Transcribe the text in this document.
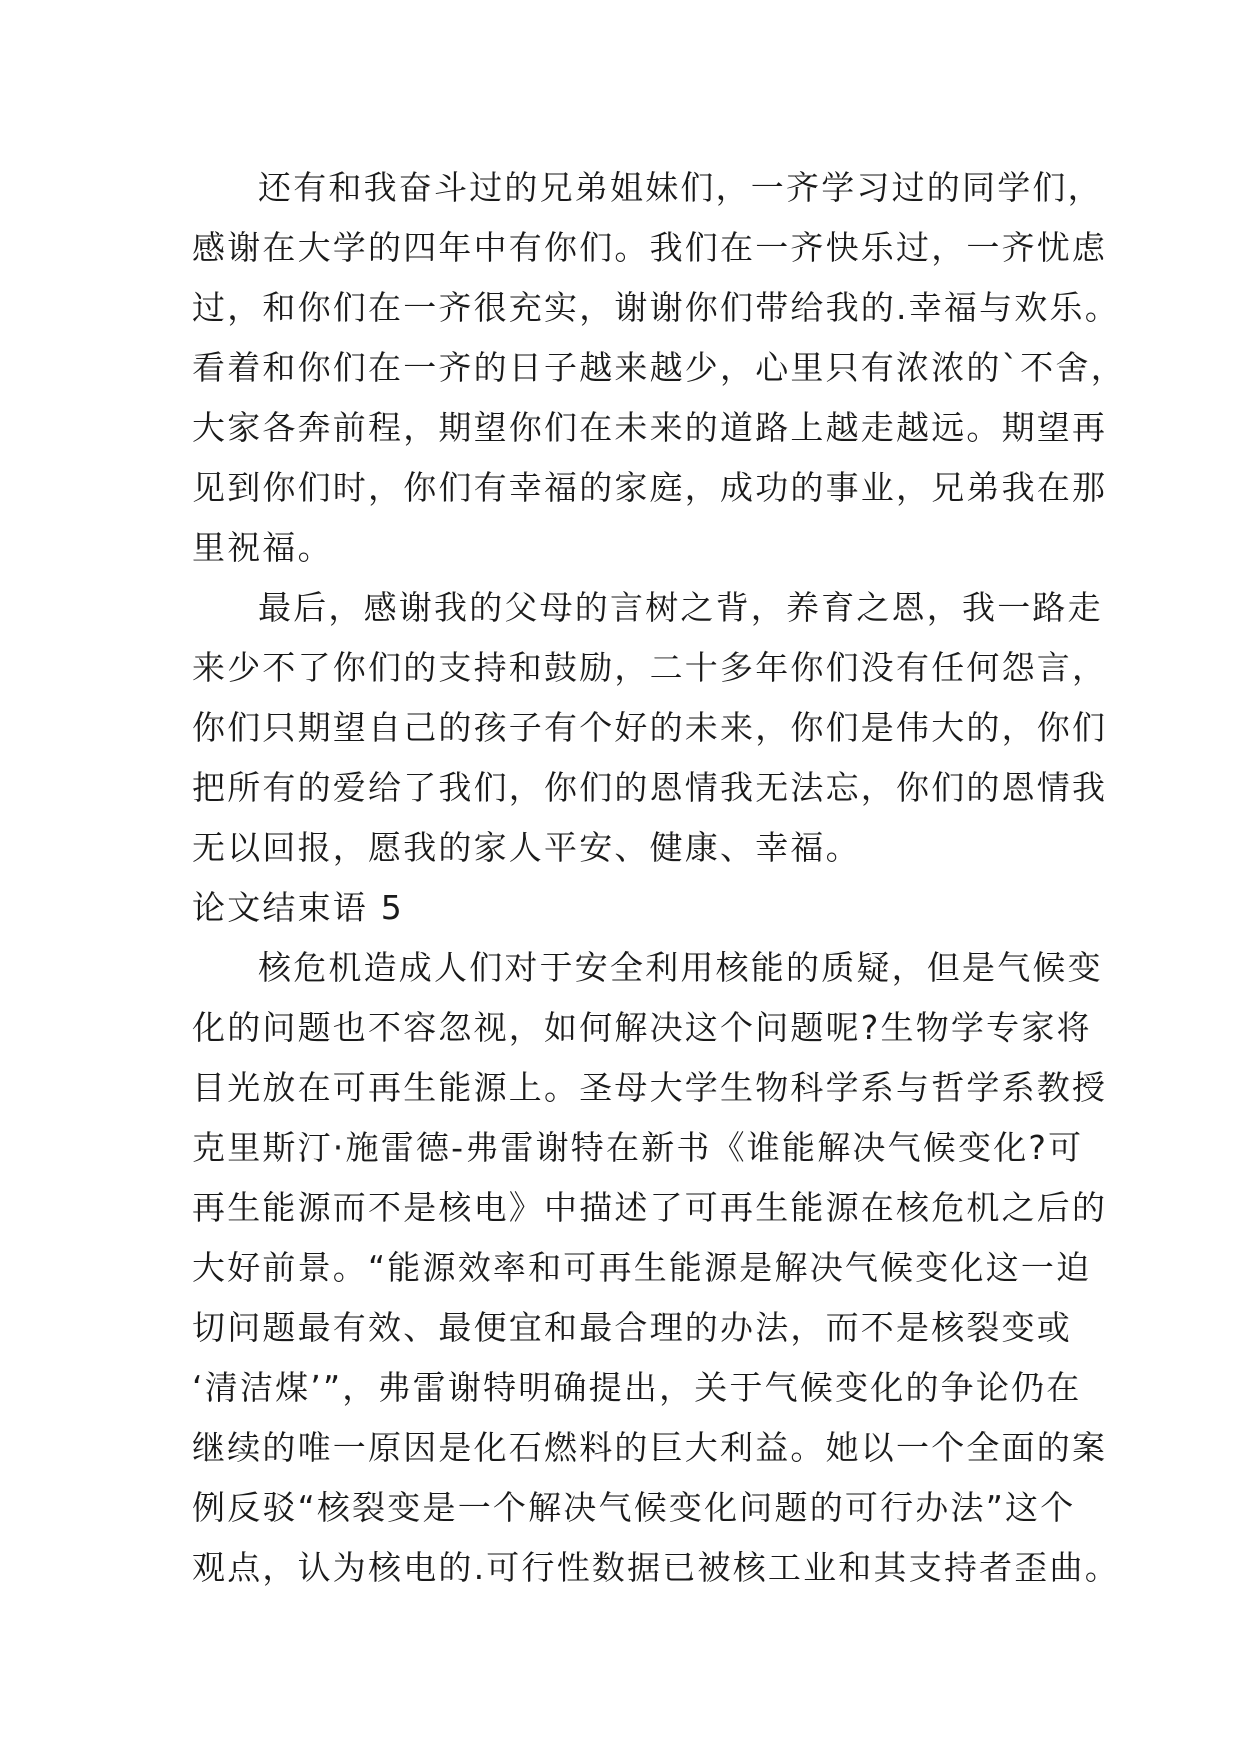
还有和我奋斗过的兄弟姐妹们，一齐学习过的同学们，
感谢在大学的四年中有你们。我们在一齐快乐过，一齐忧虑
过，和你们在一齐很充实，谢谢你们带给我的.幸福与欢乐。
看着和你们在一齐的日子越来越少，心里只有浓浓的`不舍，
大家各奔前程，期望你们在未来的道路上越走越远。期望再
见到你们时，你们有幸福的家庭，成功的事业，兄弟我在那
里祝福。
最后，感谢我的父母的言树之背，养育之恩，我一路走
来少不了你们的支持和鼓励，二十多年你们没有任何怨言，
你们只期望自己的孩子有个好的未来，你们是伟大的，你们
把所有的爱给了我们，你们的恩情我无法忘，你们的恩情我
无以回报，愿我的家人平安、健康、幸福。
论文结束语 5
核危机造成人们对于安全利用核能的质疑，但是气候变
化的问题也不容忽视，如何解决这个问题呢?生物学专家将
目光放在可再生能源上。圣母大学生物科学系与哲学系教授
克里斯汀·施雷德-弗雷谢特在新书《谁能解决气候变化?可
再生能源而不是核电》中描述了可再生能源在核危机之后的
大好前景。“能源效率和可再生能源是解决气候变化这一迫
切问题最有效、最便宜和最合理的办法，而不是核裂变或
‘清洁煤’”，弗雷谢特明确提出，关于气候变化的争论仍在
继续的唯一原因是化石燃料的巨大利益。她以一个全面的案
例反驳“核裂变是一个解决气候变化问题的可行办法”这个
观点，认为核电的.可行性数据已被核工业和其支持者歪曲。
